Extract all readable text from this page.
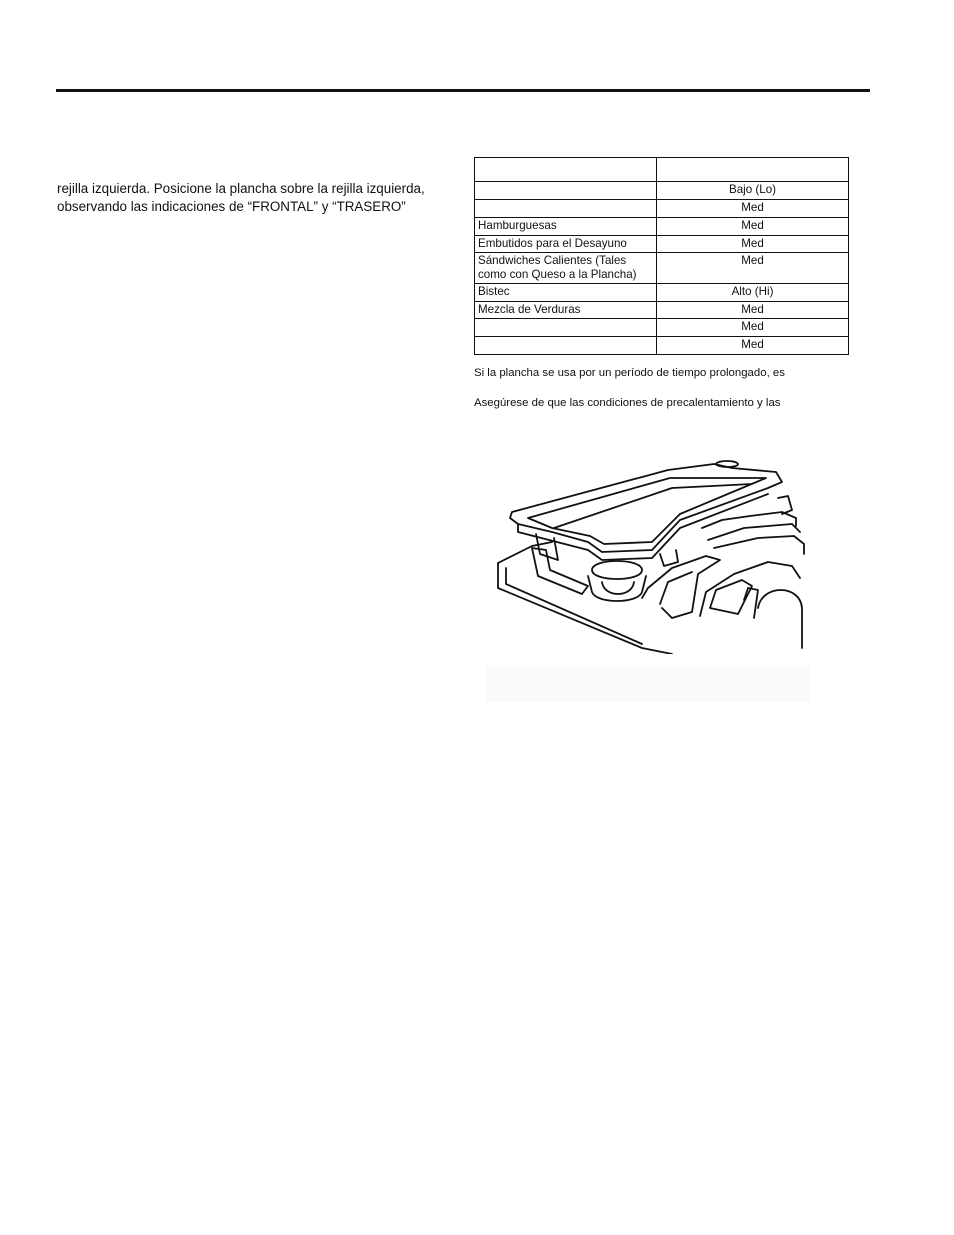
rejilla izquierda. Posicione la plancha sobre la rejilla izquierda,

observando las indicaciones de “FRONTAL” y “TRASERO”

	Bajo (Lo)
	Med
Hamburguesas	Med
Embutidos para el Desayuno	Med
Sándwiches Calientes (Tales como con Queso a la Plancha)	Med
Bistec	Alto (Hi)
Mezcla de Verduras	Med
	Med
	Med
Si la plancha se usa por un período de tiempo prolongado, es
Asegúrese de que las condiciones de precalentamiento y las
